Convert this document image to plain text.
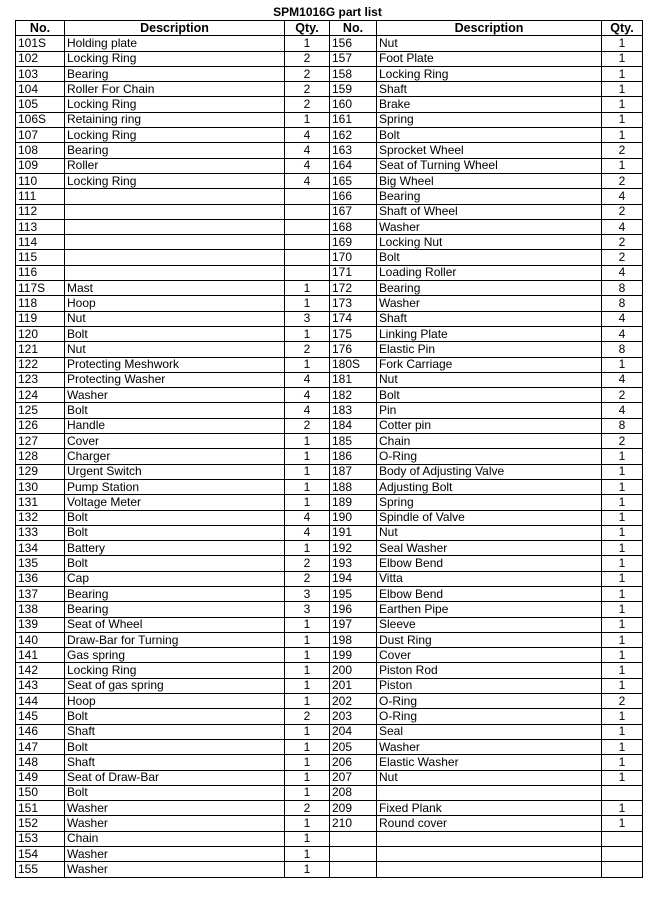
SPM1016G part list
No.	Description	Qty.	No.	Description	Qty.
101S	Holding plate	1	156	Nut	1
102	Locking Ring	2	157	Foot Plate	1
103	Bearing	2	158	Locking Ring	1
104	Roller For Chain	2	159	Shaft	1
105	Locking Ring	2	160	Brake	1
106S	Retaining ring	1	161	Spring	1
107	Locking Ring	4	162	Bolt	1
108	Bearing	4	163	Sprocket Wheel	2
109	Roller	4	164	Seat of Turning Wheel	1
110	Locking Ring	4	165	Big Wheel	2
111			166	Bearing	4
112			167	Shaft of Wheel	2
113			168	Washer	4
114			169	Locking Nut	2
115			170	Bolt	2
116			171	Loading Roller	4
117S	Mast	1	172	Bearing	8
118	Hoop	1	173	Washer	8
119	Nut	3	174	Shaft	4
120	Bolt	1	175	Linking Plate	4
121	Nut	2	176	Elastic Pin	8
122	Protecting Meshwork	1	180S	Fork Carriage	1
123	Protecting Washer	4	181	Nut	4
124	Washer	4	182	Bolt	2
125	Bolt	4	183	Pin	4
126	Handle	2	184	Cotter pin	8
127	Cover	1	185	Chain	2
128	Charger	1	186	O-Ring	1
129	Urgent Switch	1	187	Body of Adjusting Valve	1
130	Pump Station	1	188	Adjusting Bolt	1
131	Voltage Meter	1	189	Spring	1
132	Bolt	4	190	Spindle of Valve	1
133	Bolt	4	191	Nut	1
134	Battery	1	192	Seal Washer	1
135	Bolt	2	193	Elbow Bend	1
136	Cap	2	194	Vitta	1
137	Bearing	3	195	Elbow Bend	1
138	Bearing	3	196	Earthen Pipe	1
139	Seat of Wheel	1	197	Sleeve	1
140	Draw-Bar for Turning	1	198	Dust Ring	1
141	Gas spring	1	199	Cover	1
142	Locking Ring	1	200	Piston Rod	1
143	Seat of gas spring	1	201	Piston	1
144	Hoop	1	202	O-Ring	2
145	Bolt	2	203	O-Ring	1
146	Shaft	1	204	Seal	1
147	Bolt	1	205	Washer	1
148	Shaft	1	206	Elastic Washer	1
149	Seat of Draw-Bar	1	207	Nut	1
150	Bolt	1	208		
151	Washer	2	209	Fixed Plank	1
152	Washer	1	210	Round cover	1
153	Chain	1			
154	Washer	1			
155	Washer	1			
